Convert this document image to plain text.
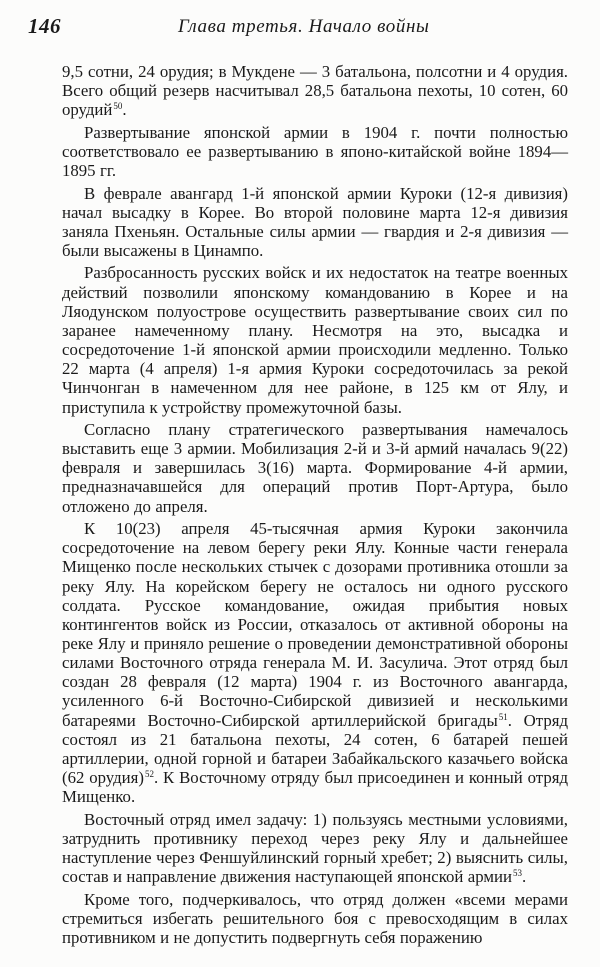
146	Глава третья. Начало войны

9,5 сотни, 24 орудия; в Мукдене — 3 батальона, полсотни и 4 орудия. Всего общий резерв насчитывал 28,5 батальона пехоты, 10 сотен, 60 орудий$^{50}$.

Развертывание японской армии в 1904 г. почти полностью соответствовало ее развертыванию в японо-китайской войне 1894—1895 гг.

В феврале авангард 1-й японской армии Куроки (12-я дивизия) начал высадку в Корее. Во второй половине марта 12-я дивизия заняла Пхеньян. Остальные силы армии — гвардия и 2-я дивизия — были высажены в Цинампо.

Разбросанность русских войск и их недостаток на театре военных действий позволили японскому командованию в Корее и на Ляодунском полуострове осуществить развертывание своих сил по заранее намеченному плану. Несмотря на это, высадка и сосредоточение 1-й японской армии происходили медленно. Только 22 марта (4 апреля) 1-я армия Куроки сосредоточилась за рекой Чинчонган в намеченном для нее районе, в 125 км от Ялу, и приступила к устройству промежуточной базы.

Согласно плану стратегического развертывания намечалось выставить еще 3 армии. Мобилизация 2-й и 3-й армий началась 9(22) февраля и завершилась 3(16) марта. Формирование 4-й армии, предназначавшейся для операций против Порт-Артура, было отложено до апреля.

К 10(23) апреля 45-тысячная армия Куроки закончила сосредоточение на левом берегу реки Ялу. Конные части генерала Мищенко после нескольких стычек с дозорами противника отошли за реку Ялу. На корейском берегу не осталось ни одного русского солдата. Русское командование, ожидая прибытия новых контингентов войск из России, отказалось от активной обороны на реке Ялу и приняло решение о проведении демонстративной обороны силами Восточного отряда генерала М. И. Засулича. Этот отряд был создан 28 февраля (12 марта) 1904 г. из Восточного авангарда, усиленного 6-й Восточно-Сибирской дивизией и несколькими батареями Восточно-Сибирской артиллерийской бригады$^{51}$. Отряд состоял из 21 батальона пехоты, 24 сотен, 6 батарей пешей артиллерии, одной горной и батареи Забайкальского казачьего войска (62 орудия)$^{52}$. К Восточному отряду был присоединен и конный отряд Мищенко.

Восточный отряд имел задачу: 1) пользуясь местными условиями, затруднить противнику переход через реку Ялу и дальнейшее наступление через Феншуйлинский горный хребет; 2) выяснить силы, состав и направление движения наступающей японской армии$^{53}$.

Кроме того, подчеркивалось, что отряд должен «всеми мерами стремиться избегать решительного боя с превосходящим в силах противником и не допустить подвергнуть себя поражению
